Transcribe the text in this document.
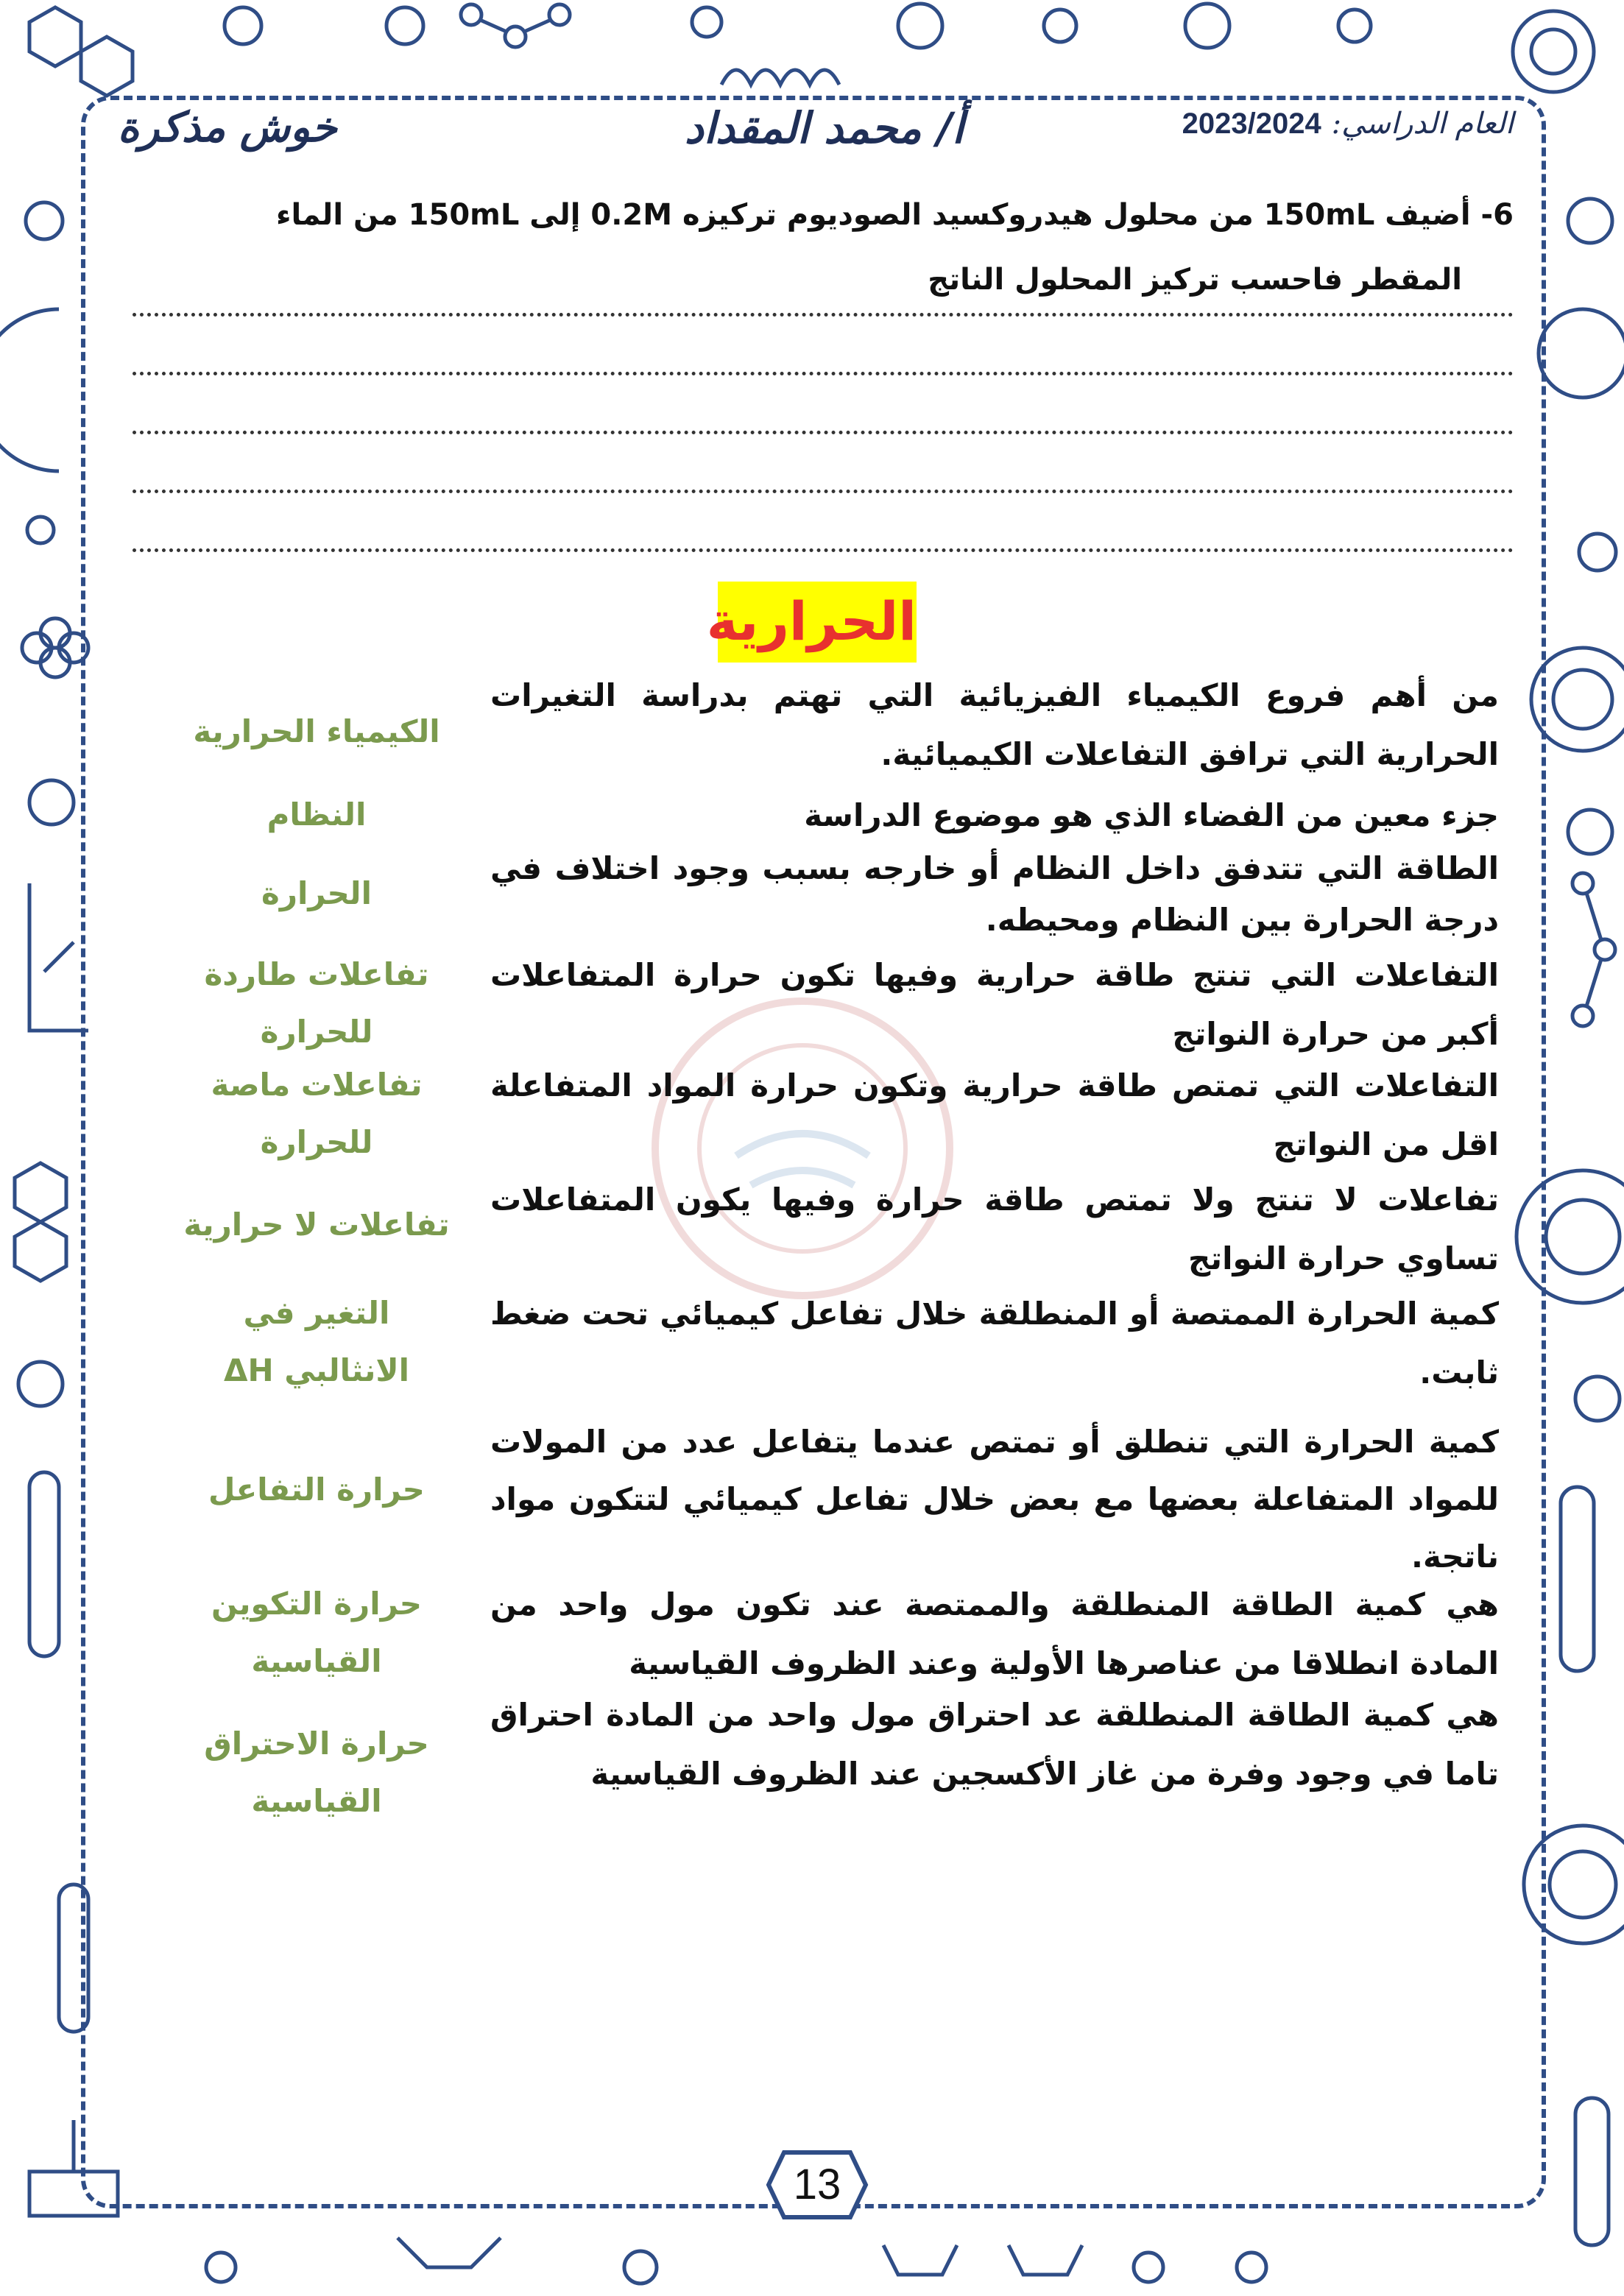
العام الدراسي: 2023/2024
أ/ محمد المقداد
خوش مذكرة
6- أضيف 150mL من محلول هيدروكسيد الصوديوم تركيزه 0.2M إلى 150mL من الماء
المقطر فاحسب تركيز المحلول الناتج
الحرارية
من أهم فروع الكيمياء الفيزيائية التي تهتم بدراسة التغيرات الحرارية التي ترافق التفاعلات الكيميائية.
الكيمياء الحرارية
جزء معين من الفضاء الذي هو موضوع الدراسة
النظام
الطاقة التي تتدفق داخل النظام أو خارجه بسبب وجود اختلاف في درجة الحرارة بين النظام ومحيطه.
الحرارة
التفاعلات التي تنتج طاقة حرارية وفيها تكون حرارة المتفاعلات أكبر من حرارة النواتج
تفاعلات طاردة
للحرارة
التفاعلات التي تمتص طاقة حرارية وتكون حرارة المواد المتفاعلة اقل من النواتج
تفاعلات ماصة
للحرارة
تفاعلات لا تنتج ولا تمتص طاقة حرارة وفيها يكون المتفاعلات تساوي حرارة النواتج
تفاعلات لا حرارية
كمية الحرارة الممتصة أو المنطلقة خلال تفاعل كيميائي تحت ضغط ثابت.
التغير في
الانثالبي ΔH
كمية الحرارة التي تنطلق أو تمتص عندما يتفاعل عدد من المولات للمواد المتفاعلة بعضها مع بعض خلال تفاعل كيميائي لتتكون مواد ناتجة.
حرارة التفاعل
هي كمية الطاقة المنطلقة والممتصة عند تكون مول واحد من المادة انطلاقا من عناصرها الأولية وعند الظروف القياسية
حرارة التكوين
القياسية
هي كمية الطاقة المنطلقة عد احتراق مول واحد من المادة احتراق تاما في وجود وفرة من غاز الأكسجين عند الظروف القياسية
حرارة الاحتراق
القياسية
13
